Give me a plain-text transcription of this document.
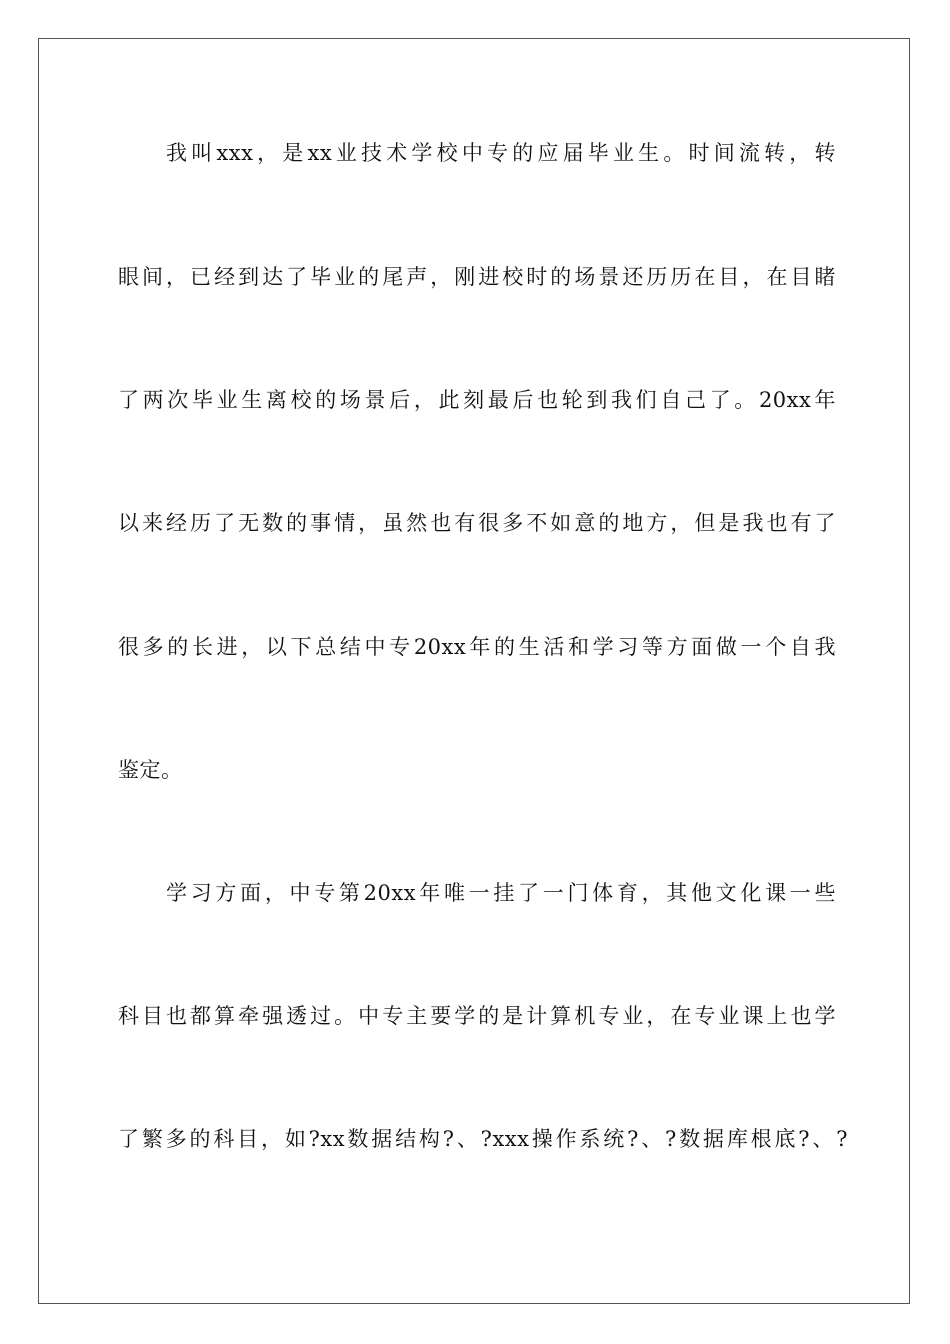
我叫xxx，是xx业技术学校中专的应届毕业生。时间流转，转
眼间，已经到达了毕业的尾声，刚进校时的场景还历历在目，在目睹
了两次毕业生离校的场景后，此刻最后也轮到我们自己了。20xx年
以来经历了无数的事情，虽然也有很多不如意的地方，但是我也有了
很多的长进，以下总结中专20xx年的生活和学习等方面做一个自我
鉴定。
学习方面，中专第20xx年唯一挂了一门体育，其他文化课一些
科目也都算牵强透过。中专主要学的是计算机专业，在专业课上也学
了繁多的科目，如?xx数据结构?、?xxx操作系统?、?数据库根底?、?
